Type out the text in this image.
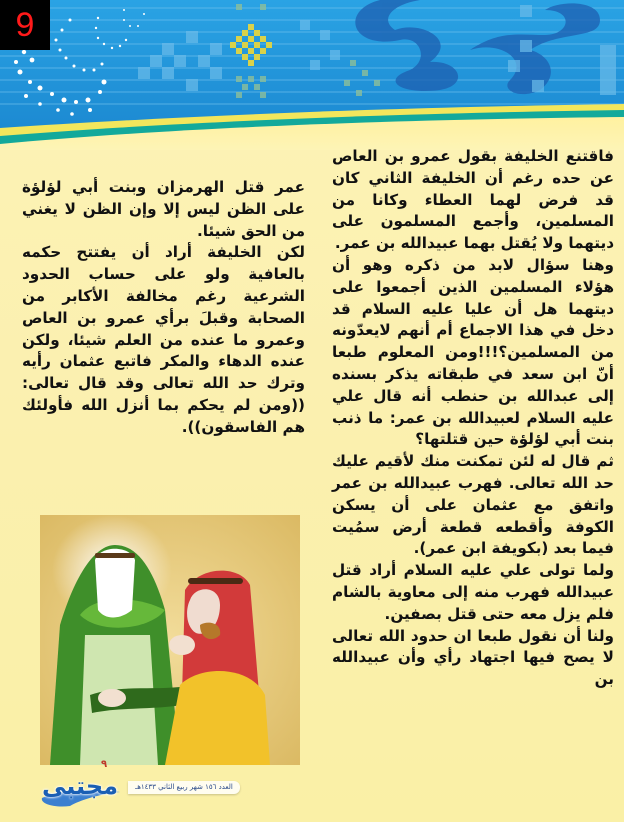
9

فاقتنع الخليفة بقول عمرو بن العاص عن حده رغم أن الخليفة الثاني كان قد فرض لهما العطاء وكانا من المسلمين، وأجمع المسلمون على ديتهما ولا يُقتل بهما عبيدالله بن عمر.

وهنا سؤال لابد من ذكره وهو أن هؤلاء المسلمين الذين أجمعوا على ديتهما هل أن عليا عليه السلام قد دخل في هذا الاجماع أم أنهم لايعدّونه من المسلمين؟!!!ومن المعلوم طبعا أنّ ابن سعد في طبقاته يذكر بسنده إلى عبدالله بن حنطب أنه قال علي عليه السلام لعبيدالله بن عمر: ما ذنب بنت أبي لؤلؤة حين قتلتها؟

ثم قال له لئن تمكنت منك لأقيم عليك حد الله تعالى. فهرب عبيدالله بن عمر واتفق مع عثمان على أن يسكن الكوفة وأقطعه قطعة أرض سمُيت فيما بعد (بكويفة ابن عمر).

ولما تولى علي عليه السلام أراد قتل عبيدالله فهرب منه إلى معاوية بالشام فلم يزل معه حتى قتل بصفين.

ولنا أن نقول طبعا ان حدود الله تعالى لا يصح فيها اجتهاد رأي وأن عبيدالله بن

عمر قتل الهرمزان وبنت أبي لؤلؤة على الظن ليس إلا وإن الظن لا يغني من الحق شيئا.

لكن الخليفة أراد أن يفتتح حكمه بالعافية ولو على حساب الحدود الشرعية رغم مخالفة الأكابر من الصحابة وقبلَ برأي عمرو بن العاص وعمرو ما عنده من العلم شيئا، ولكن عنده الدهاء والمكر فاتبع عثمان رأيه وترك حد الله تعالى وقد قال تعالى: ((ومن لم يحكم بما أنزل الله فأولئك هم الفاسقون)).

العدد ١٥٦ شهر ربيع الثاني ١٤٣٣هـ
مجتبى
٩
